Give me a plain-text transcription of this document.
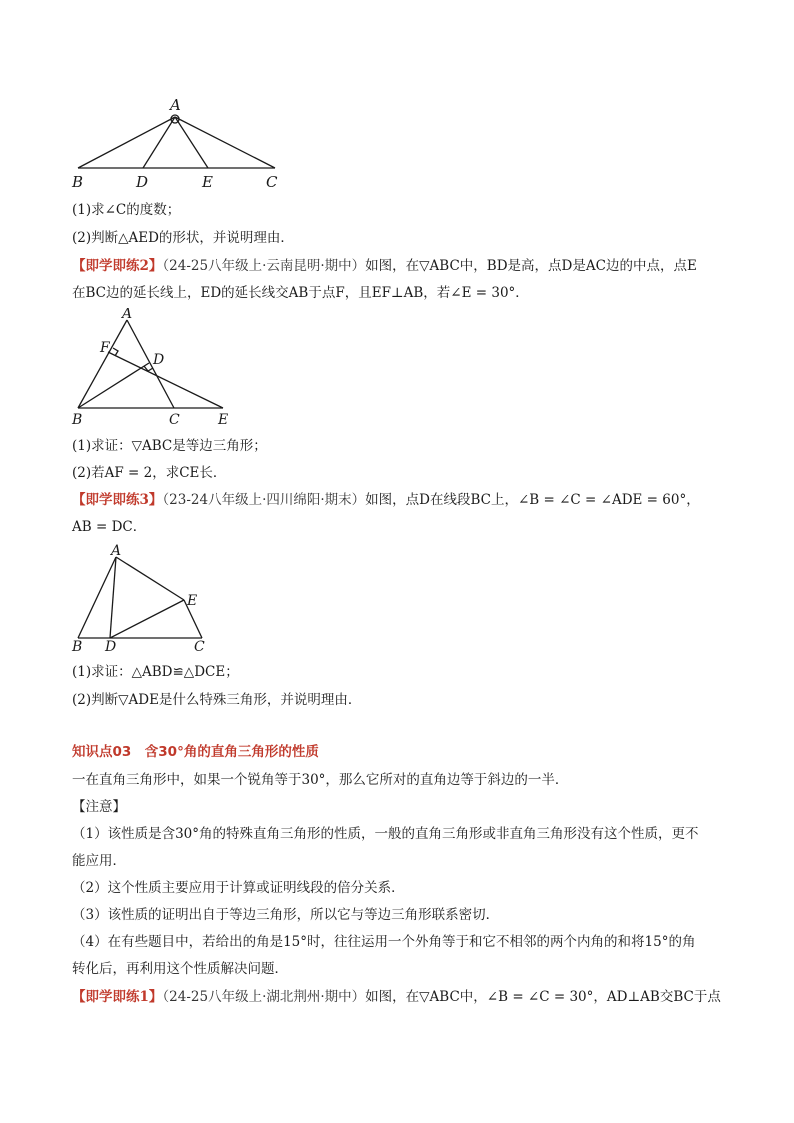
A
B	D	E	C
(1)求∠C的度数；
(2)判断△AED的形状，并说明理由．
【即学即练2】（24-25八年级上·云南昆明·期中）如图，在▽ABC中，BD是高，点D是AC边的中点，点E
在BC边的延长线上，ED的延长线交AB于点F，且EF⊥AB，若∠E = 30°．
A
F
D
B	C	E
(1)求证：▽ABC是等边三角形；
(2)若AF = 2，求CE长．
【即学即练3】（23-24八年级上·四川绵阳·期末）如图，点D在线段BC上，∠B = ∠C = ∠ADE = 60°，
AB = DC．
A
E
B D	C
(1)求证：△ABD≌△DCE；
(2)判断▽ADE是什么特殊三角形，并说明理由．
知识点03　含30°角的直角三角形的性质
一在直角三角形中，如果一个锐角等于30°，那么它所对的直角边等于斜边的一半．
【注意】
（1）该性质是含30°角的特殊直角三角形的性质，一般的直角三角形或非直角三角形没有这个性质，更不
能应用．
（2）这个性质主要应用于计算或证明线段的倍分关系．
（3）该性质的证明出自于等边三角形，所以它与等边三角形联系密切．
（4）在有些题目中，若给出的角是15°时，往往运用一个外角等于和它不相邻的两个内角的和将15°的角
转化后，再利用这个性质解决问题．
【即学即练1】（24-25八年级上·湖北荆州·期中）如图，在▽ABC中，∠B = ∠C = 30°，AD⊥AB交BC于点
